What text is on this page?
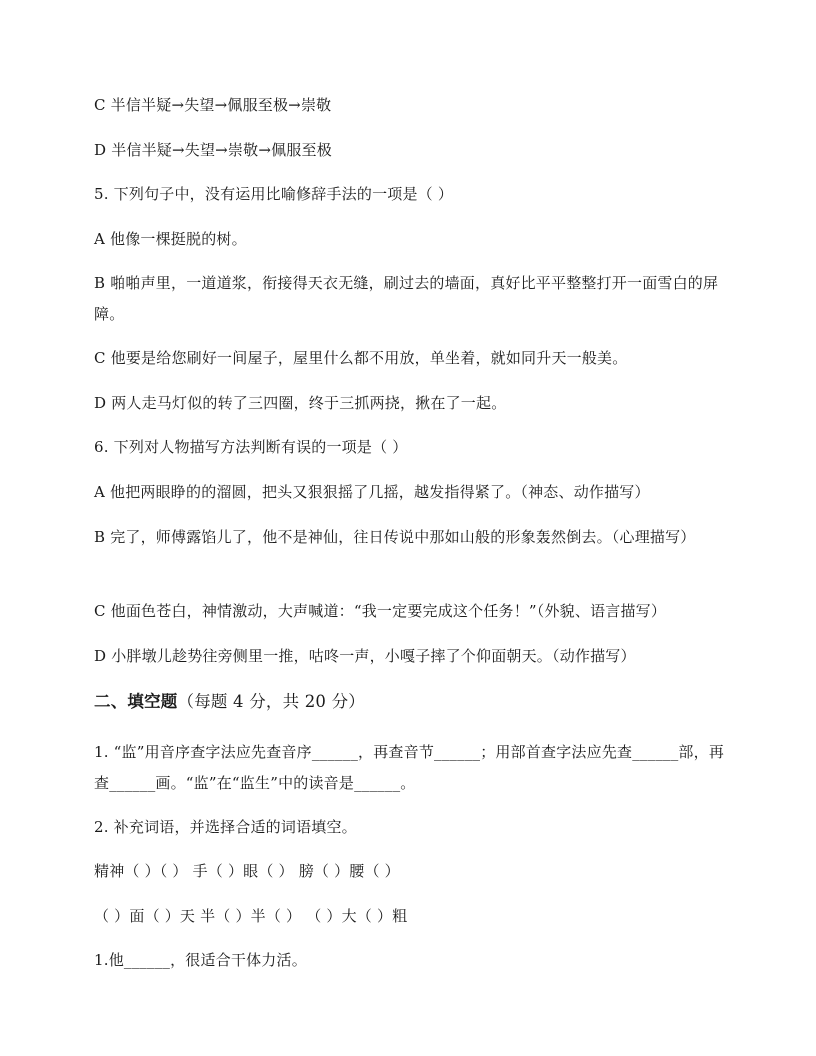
C 半信半疑→失望→佩服至极→崇敬
D 半信半疑→失望→崇敬→佩服至极
5. 下列句子中，没有运用比喻修辞手法的一项是（ ）
A 他像一棵挺脱的树。
B 啪啪声里，一道道浆，衔接得天衣无缝，刷过去的墙面，真好比平平整整打开一面雪白的屏障。
C 他要是给您刷好一间屋子，屋里什么都不用放，单坐着，就如同升天一般美。
D 两人走马灯似的转了三四圈，终于三抓两挠，揪在了一起。
6. 下列对人物描写方法判断有误的一项是（ ）
A 他把两眼睁的的溜圆，把头又狠狠摇了几摇，越发指得紧了。（神态、动作描写）
B 完了，师傅露馅儿了，他不是神仙，往日传说中那如山般的形象轰然倒去。（心理描写）
C 他面色苍白，神情激动，大声喊道：“我一定要完成这个任务！”（外貌、语言描写）
D 小胖墩儿趁势往旁侧里一推，咕咚一声，小嘎子摔了个仰面朝天。（动作描写）
二、填空题（每题 4 分，共 20 分）
1. “监”用音序查字法应先查音序______，再查音节______；用部首查字法应先查______部，再查______画。“监”在“监生”中的读音是______。
2. 补充词语，并选择合适的词语填空。
精神（ ）（ ） 手（ ）眼（ ） 膀（ ）腰（ ）
（ ）面（ ）天 半（ ）半（ ） （ ）大（ ）粗
1.他______，很适合干体力活。
